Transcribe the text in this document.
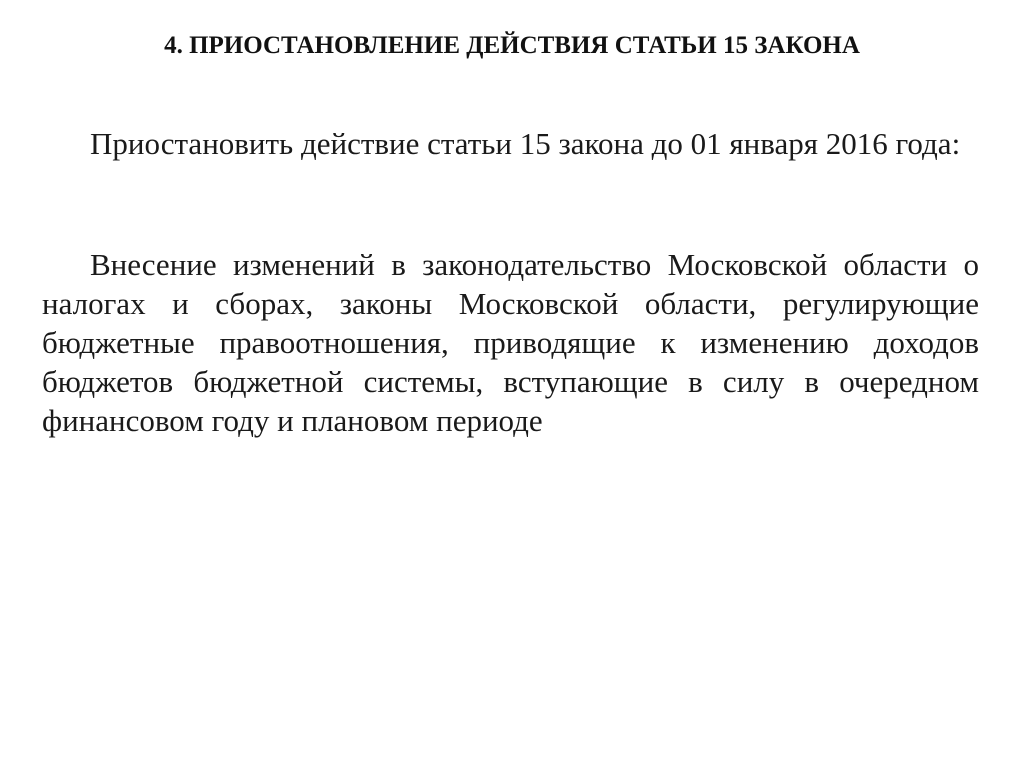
4. ПРИОСТАНОВЛЕНИЕ ДЕЙСТВИЯ СТАТЬИ 15 ЗАКОНА

Приостановить действие статьи 15 закона до 01 января 2016 года:

Внесение изменений в законодательство Московской области о налогах и сборах, законы Московской области, регулирующие бюджетные правоотношения, приводящие к изменению доходов бюджетов бюджетной системы, вступающие в силу в очередном финансовом году и плановом периоде
